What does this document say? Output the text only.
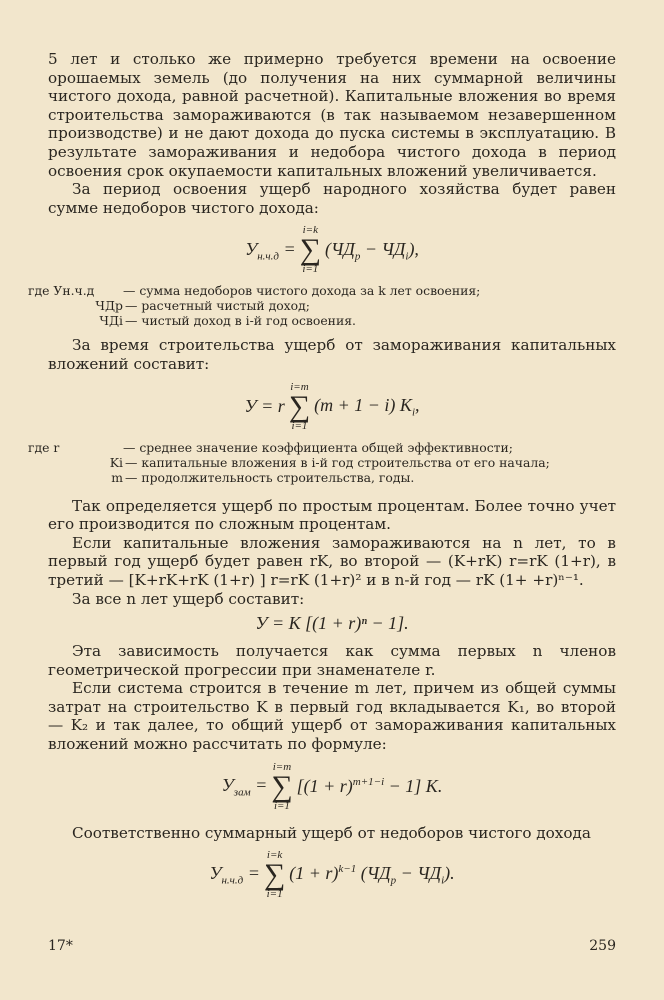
5 лет и столько же примерно требуется времени на освоение орошаемых земель (до получения на них суммарной величины чистого дохода, равной расчетной). Капитальные вложения во время строительства замораживаются (в так называемом незавершенном производстве) и не дают дохода до пуска системы в эксплуатацию. В результате замораживания и недобора чистого дохода в период освоения срок окупаемости капитальных вложений увеличивается.

За период освоения ущерб народного хозяйства будет равен сумме недоборов чистого дохода:

$У_{н.ч.д}$ =
i=k
∑
i=1
$(ЧД_р - ЧД_i)$,
где Ун.ч.д	— сумма недоборов чистого дохода за k лет освоения;
ЧДр — расчетный чистый доход;
ЧДi — чистый доход в i-й год освоения.

За время строительства ущерб от замораживания капитальных вложений составит:

У = r
i=m
∑
i=1
(m + 1 − i) $K_i$,
где r	— среднее значение коэффициента общей эффективности;
Ki — капитальные вложения в i-й год строительства от его начала;
m — продолжительность строительства, годы.

Так определяется ущерб по простым процентам. Более точно учет его производится по сложным процентам.

Если капитальные вложения замораживаются на n лет, то в первый год ущерб будет равен rK, во второй — (K+rK) r=rK (1+r), в третий — [K+rK+rK (1+r) ] r=rK (1+r)² и в n-й год — rK (1+ +r)ⁿ⁻¹.

За все n лет ущерб составит:

У = K [(1 + r)ⁿ − 1].

Эта зависимость получается как сумма первых n членов геометрической прогрессии при знаменателе r.

Если система строится в течение m лет, причем из общей суммы затрат на строительство K в первый год вкладывается K₁, во второй — K₂ и так далее, то общий ущерб от замораживания капитальных вложений можно рассчитать по формуле:

$У_{зам}$ =
i=m
∑
i=1
$[(1 + r)^{m+1-i} - 1]$ K.

Соответственно суммарный ущерб от недоборов чистого дохода

$У_{н.ч.д}$ =
i=k
∑
i=1
$(1 + r)^{k-1}$ $(ЧД_р - ЧД_i)$.
17*	259
